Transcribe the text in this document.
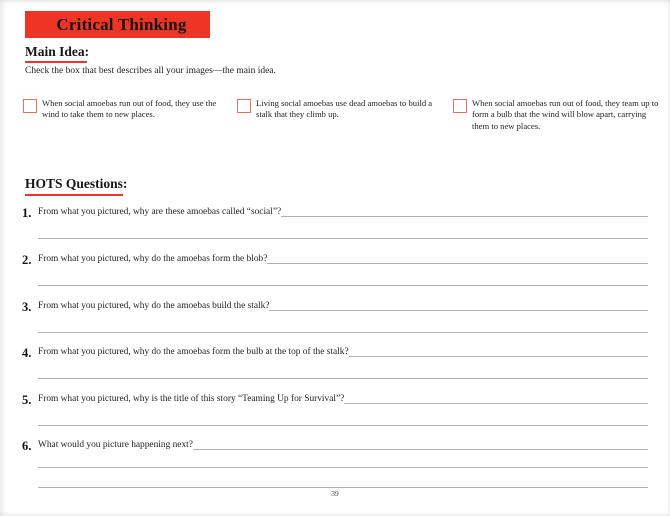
Critical Thinking
Main Idea:
Check the box that best describes all your images—the main idea.
When social amoebas run out of food, they use the wind to take them to new places.
Living social amoebas use dead amoebas to build a stalk that they climb up.
When social amoebas run out of food, they team up to form a bulb that the wind will blow apart, carrying them to new places.
HOTS Questions:
1. From what you pictured, why are these amoebas called “social”?
2. From what you pictured, why do the amoebas form the blob?
3. From what you pictured, why do the amoebas build the stalk?
4. From what you pictured, why do the amoebas form the bulb at the top of the stalk?
5. From what you pictured, why is the title of this story “Teaming Up for Survival”?
6. What would you picture happening next?
39
